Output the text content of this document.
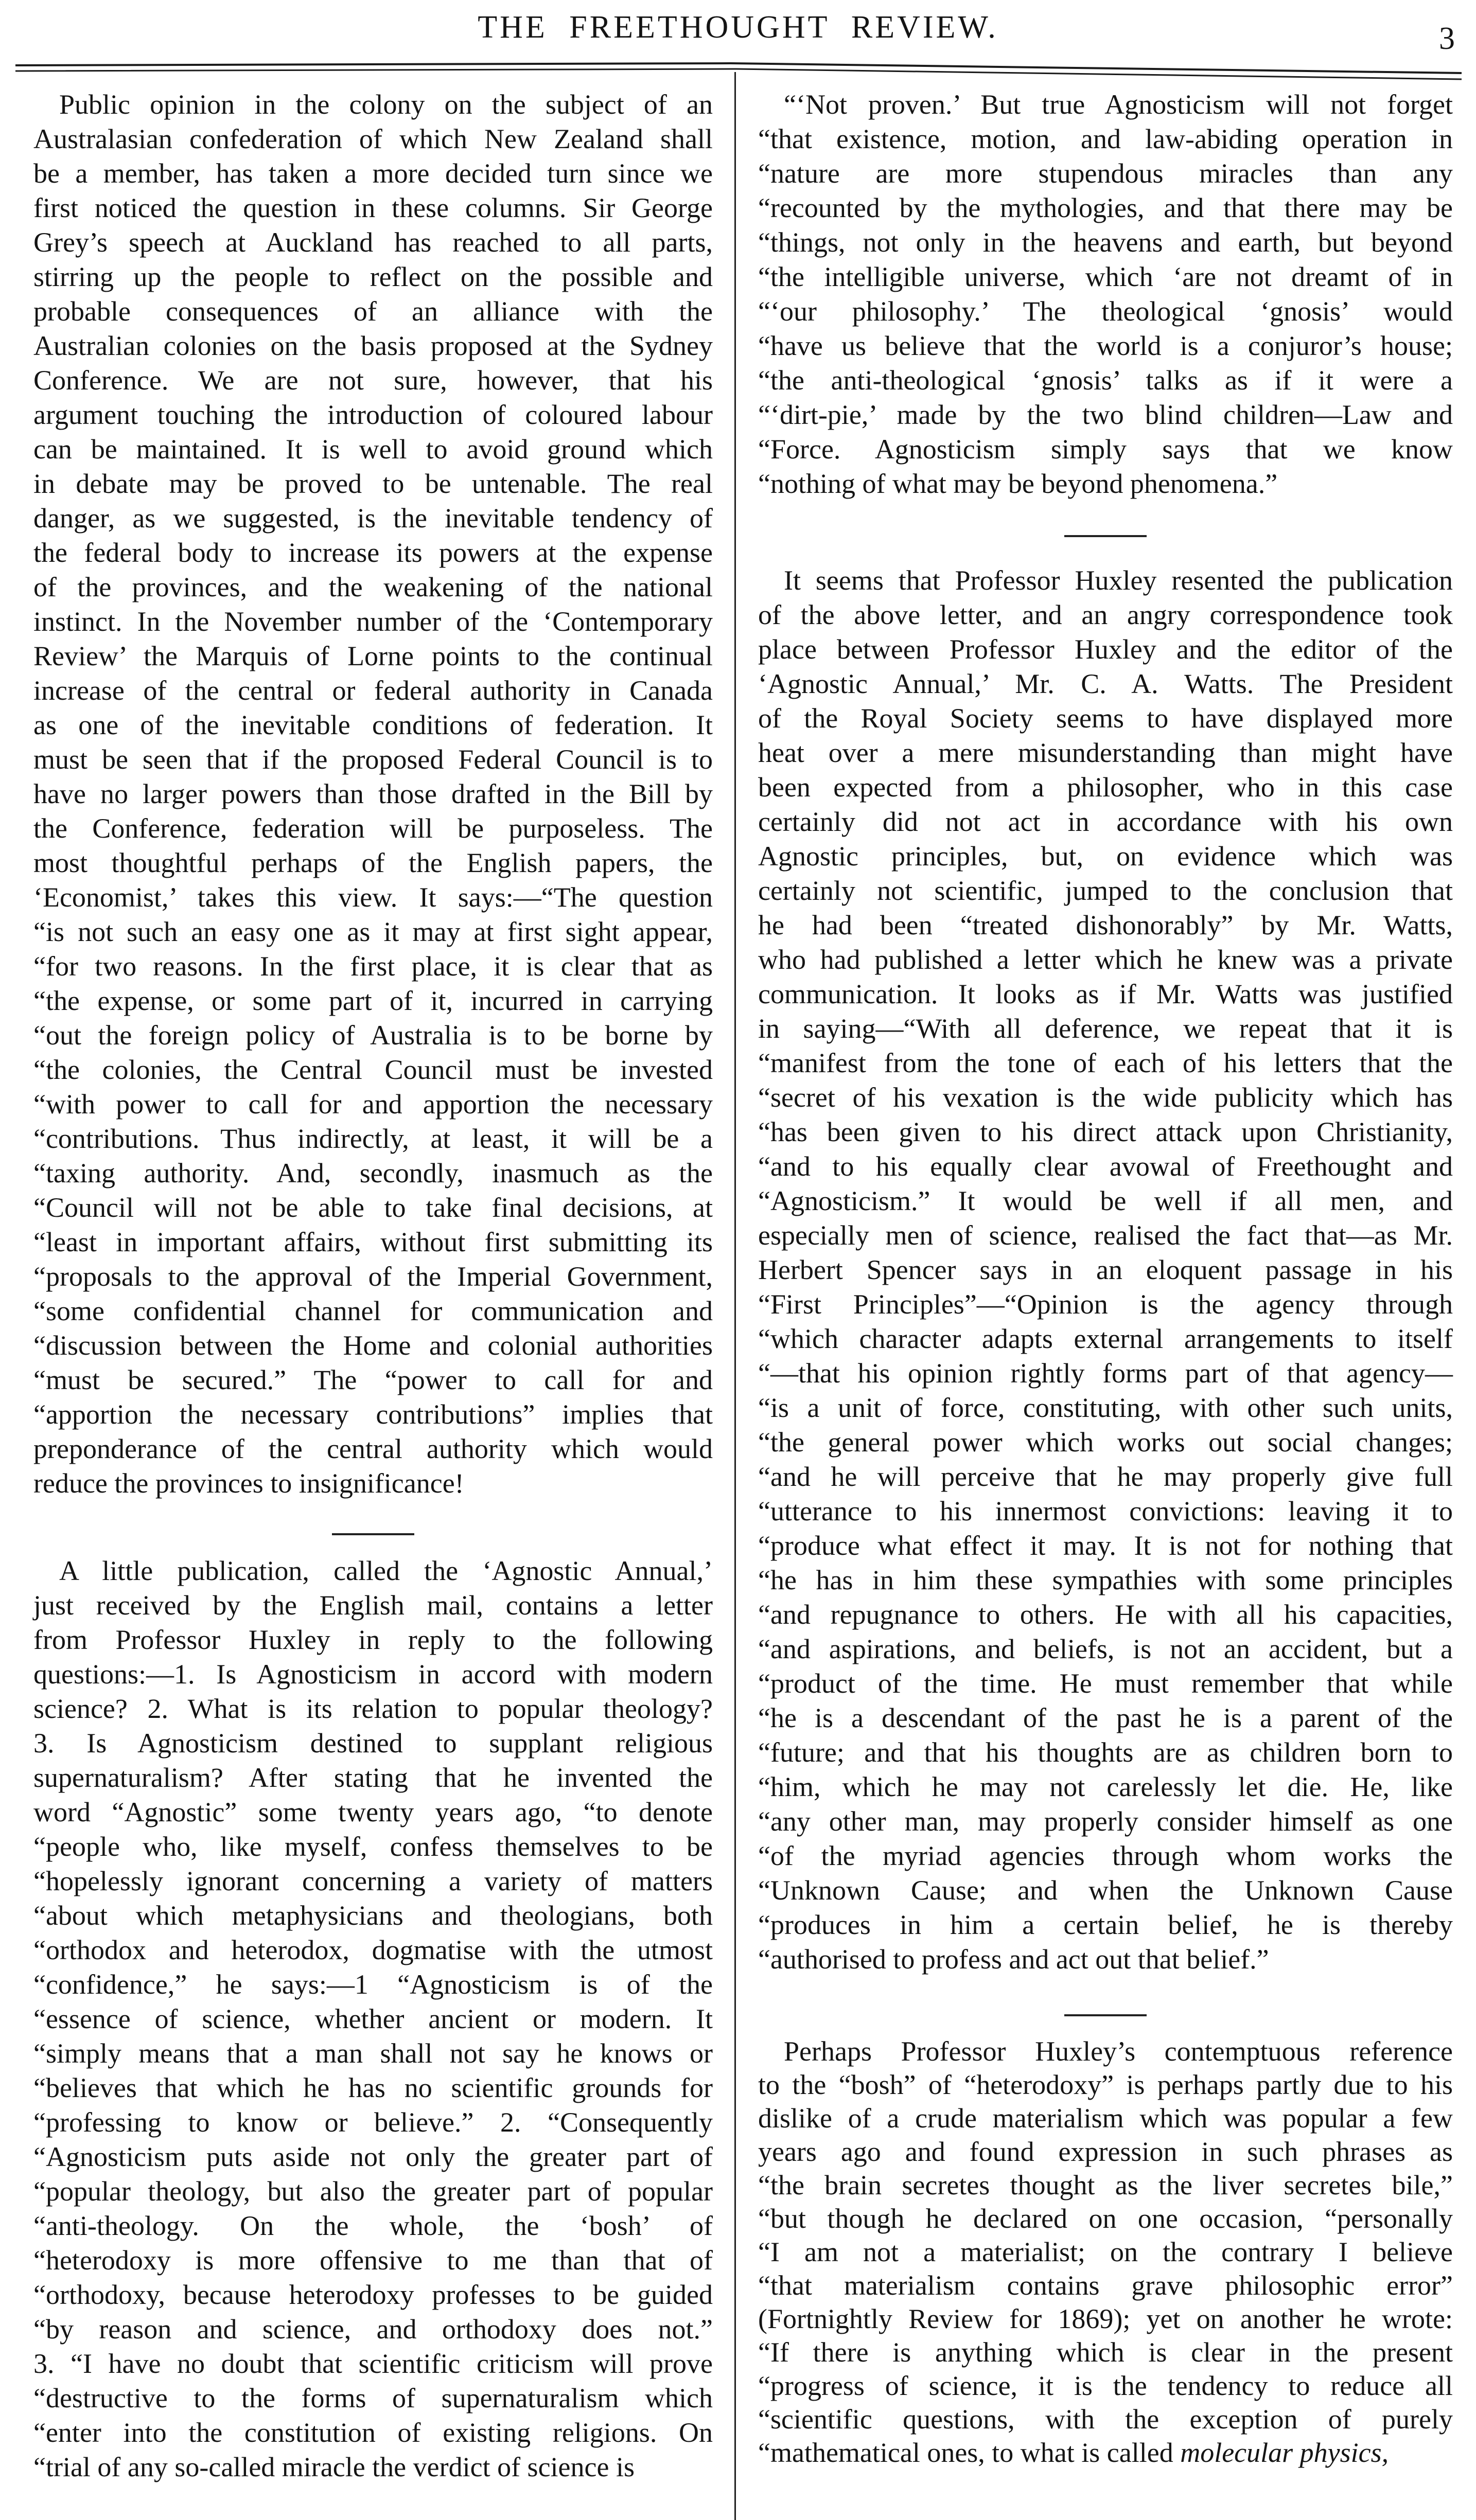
THE FREETHOUGHT REVIEW.	3
Public opinion in the colony on the subject of an
Australasian confederation of which New Zealand shall
be a member, has taken a more decided turn since we
first noticed the question in these columns. Sir George
Grey’s speech at Auckland has reached to all parts,
stirring up the people to reflect on the possible and
probable consequences of an alliance with the
Australian colonies on the basis proposed at the Sydney
Conference. We are not sure, however, that his
argument touching the introduction of coloured labour
can be maintained. It is well to avoid ground which
in debate may be proved to be untenable. The real
danger, as we suggested, is the inevitable tendency of
the federal body to increase its powers at the expense
of the provinces, and the weakening of the national
instinct. In the November number of the ‘Contemporary
Review’ the Marquis of Lorne points to the continual
increase of the central or federal authority in Canada
as one of the inevitable conditions of federation. It
must be seen that if the proposed Federal Council is to
have no larger powers than those drafted in the Bill by
the Conference, federation will be purposeless. The
most thoughtful perhaps of the English papers, the
‘Economist,’ takes this view. It says:—“The question
“is not such an easy one as it may at first sight appear,
“for two reasons. In the first place, it is clear that as
“the expense, or some part of it, incurred in carrying
“out the foreign policy of Australia is to be borne by
“the colonies, the Central Council must be invested
“with power to call for and apportion the necessary
“contributions. Thus indirectly, at least, it will be a
“taxing authority. And, secondly, inasmuch as the
“Council will not be able to take final decisions, at
“least in important affairs, without first submitting its
“proposals to the approval of the Imperial Government,
“some confidential channel for communication and
“discussion between the Home and colonial authorities
“must be secured.” The “power to call for and
“apportion the necessary contributions” implies that
preponderance of the central authority which would
reduce the provinces to insignificance!
A little publication, called the ‘Agnostic Annual,’
just received by the English mail, contains a letter
from Professor Huxley in reply to the following
questions:—1. Is Agnosticism in accord with modern
science? 2. What is its relation to popular theology?
3. Is Agnosticism destined to supplant religious
supernaturalism? After stating that he invented the
word “Agnostic” some twenty years ago, “to denote
“people who, like myself, confess themselves to be
“hopelessly ignorant concerning a variety of matters
“about which metaphysicians and theologians, both
“orthodox and heterodox, dogmatise with the utmost
“confidence,” he says:—1 “Agnosticism is of the
“essence of science, whether ancient or modern. It
“simply means that a man shall not say he knows or
“believes that which he has no scientific grounds for
“professing to know or believe.” 2. “Consequently
“Agnosticism puts aside not only the greater part of
“popular theology, but also the greater part of popular
“anti-theology. On the whole, the ‘bosh’ of
“heterodoxy is more offensive to me than that of
“orthodoxy, because heterodoxy professes to be guided
“by reason and science, and orthodoxy does not.”
3. “I have no doubt that scientific criticism will prove
“destructive to the forms of supernaturalism which
“enter into the constitution of existing religions. On
“trial of any so-called miracle the verdict of science is
“‘Not proven.’ But true Agnosticism will not forget
“that existence, motion, and law-abiding operation in
“nature are more stupendous miracles than any
“recounted by the mythologies, and that there may be
“things, not only in the heavens and earth, but beyond
“the intelligible universe, which ‘are not dreamt of in
“‘our philosophy.’ The theological ‘gnosis’ would
“have us believe that the world is a conjuror’s house;
“the anti-theological ‘gnosis’ talks as if it were a
“‘dirt-pie,’ made by the two blind children—Law and
“Force. Agnosticism simply says that we know
“nothing of what may be beyond phenomena.”
It seems that Professor Huxley resented the publication
of the above letter, and an angry correspondence took
place between Professor Huxley and the editor of the
‘Agnostic Annual,’ Mr. C. A. Watts. The President
of the Royal Society seems to have displayed more
heat over a mere misunderstanding than might have
been expected from a philosopher, who in this case
certainly did not act in accordance with his own
Agnostic principles, but, on evidence which was
certainly not scientific, jumped to the conclusion that
he had been “treated dishonorably” by Mr. Watts,
who had published a letter which he knew was a private
communication. It looks as if Mr. Watts was justified
in saying—“With all deference, we repeat that it is
“manifest from the tone of each of his letters that the
“secret of his vexation is the wide publicity which has
“has been given to his direct attack upon Christianity,
“and to his equally clear avowal of Freethought and
“Agnosticism.” It would be well if all men, and
especially men of science, realised the fact that—as Mr.
Herbert Spencer says in an eloquent passage in his
“First Principles”—“Opinion is the agency through
“which character adapts external arrangements to itself
“—that his opinion rightly forms part of that agency—
“is a unit of force, constituting, with other such units,
“the general power which works out social changes;
“and he will perceive that he may properly give full
“utterance to his innermost convictions: leaving it to
“produce what effect it may. It is not for nothing that
“he has in him these sympathies with some principles
“and repugnance to others. He with all his capacities,
“and aspirations, and beliefs, is not an accident, but a
“product of the time. He must remember that while
“he is a descendant of the past he is a parent of the
“future; and that his thoughts are as children born to
“him, which he may not carelessly let die. He, like
“any other man, may properly consider himself as one
“of the myriad agencies through whom works the
“Unknown Cause; and when the Unknown Cause
“produces in him a certain belief, he is thereby
“authorised to profess and act out that belief.”
Perhaps Professor Huxley’s contemptuous reference
to the “bosh” of “heterodoxy” is perhaps partly due to his
dislike of a crude materialism which was popular a few
years ago and found expression in such phrases as
“the brain secretes thought as the liver secretes bile,”
“but though he declared on one occasion, “personally
“I am not a materialist; on the contrary I believe
“that materialism contains grave philosophic error”
(Fortnightly Review for 1869); yet on another he wrote:
“If there is anything which is clear in the present
“progress of science, it is the tendency to reduce all
“scientific questions, with the exception of purely
“mathematical ones, to what is called molecular physics,
